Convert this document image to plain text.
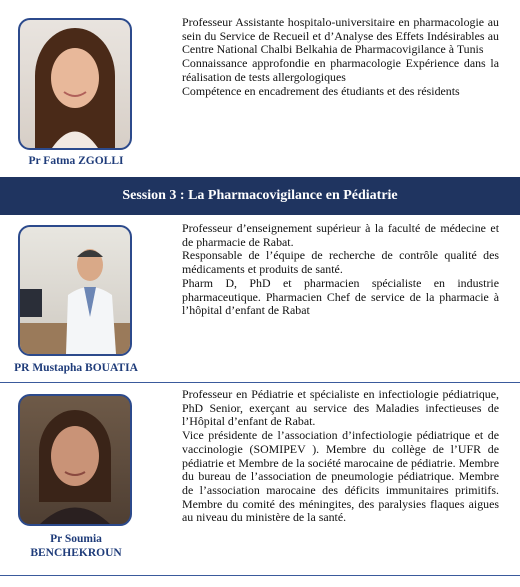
Pr Fatma ZGOLLI

Professeur Assistante hospitalo-universitaire en pharmacologie au sein du Service de Recueil et d’Analyse des Effets Indésirables au Centre National Chalbi Belkahia de Pharmacovigilance à Tunis

Connaissance approfondie en pharmacologie Expérience dans la réalisation de tests allergologiques

Compétence en encadrement des étudiants et des résidents

Session 3 : La Pharmacovigilance en Pédiatrie
PR Mustapha BOUATIA

Professeur d’enseignement supérieur à la faculté de médecine et de pharmacie de Rabat.

Responsable de l’équipe de recherche de contrôle qualité des médicaments et produits de santé.

Pharm D, PhD et pharmacien spécialiste en industrie pharmaceutique. Pharmacien Chef de service de la pharmacie à l’hôpital d’enfant de Rabat

Pr Soumia
BENCHEKROUN

Professeur en Pédiatrie et spécialiste en infectiologie pédiatrique, PhD Senior, exerçant au service des Maladies infectieuses de l’Hôpital d’enfant de Rabat.

Vice présidente de l’association d’infectiologie pédiatrique et de vaccinologie (SOMIPEV ). Membre du collège de l’UFR de pédiatrie et Membre de la société marocaine de pédiatrie. Membre du bureau de l’association de pneumologie pédiatrique. Membre de l’association marocaine des déficits immunitaires primitifs. Membre du comité des méningites, des paralysies flaques aigues au niveau du ministère de la santé.
